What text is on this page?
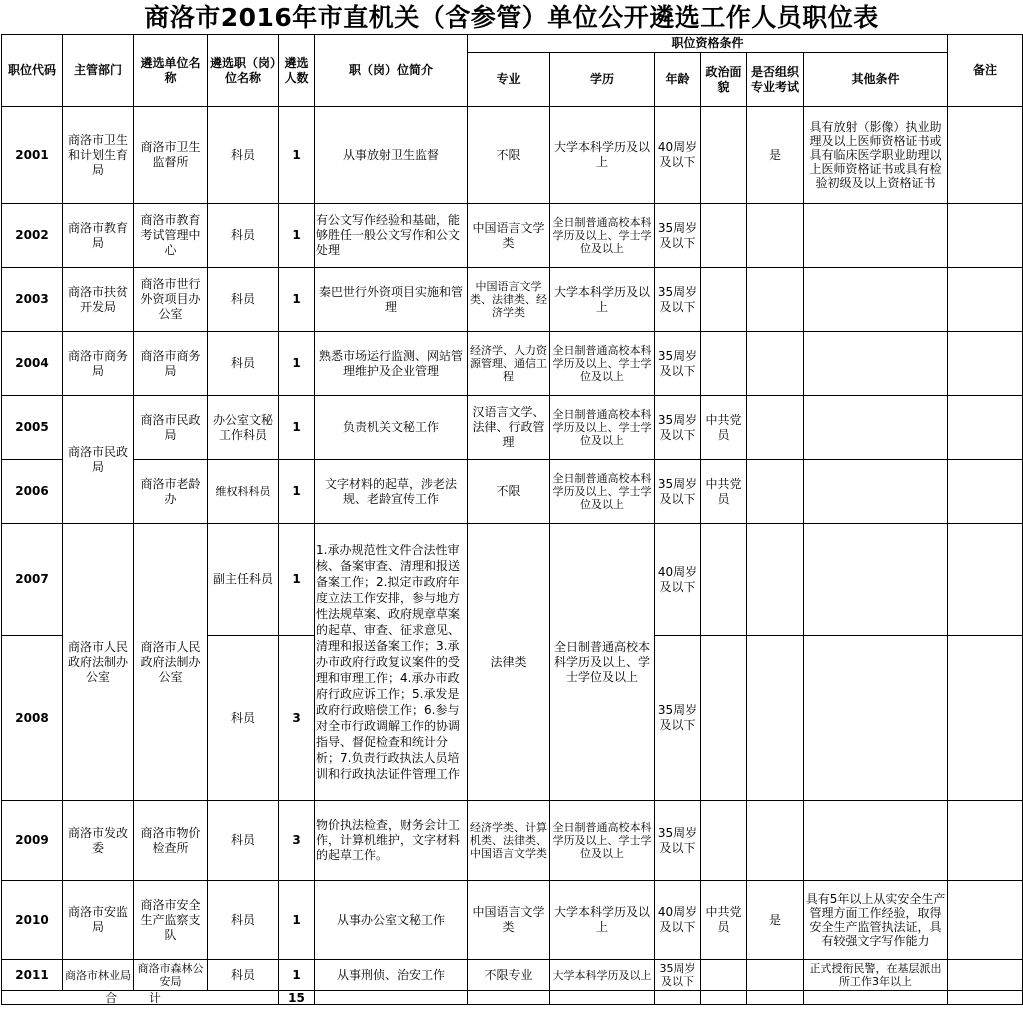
商洛市2016年市直机关（含参管）单位公开遴选工作人员职位表
职位代码	主管部门	遴选单位名称	遴选职（岗）位名称	遴选人数	职（岗）位简介	职位资格条件						备注
						专业	学历	年龄	政治面貌	是否组织专业考试	其他条件	
2001	商洛市卫生和计划生育局	商洛市卫生监督所	科员	1	从事放射卫生监督	不限	大学本科学历及以上	40周岁及以下		是	具有放射（影像）执业助理及以上医师资格证书或具有临床医学职业助理以上医师资格证书或具有检验初级及以上资格证书	
2002	商洛市教育局	商洛市教育考试管理中心	科员	1	有公文写作经验和基础，能够胜任一般公文写作和公文处理	中国语言文学类	全日制普通高校本科学历及以上、学士学位及以上	35周岁及以下				
2003	商洛市扶贫开发局	商洛市世行外资项目办公室	科员	1	秦巴世行外资项目实施和管理	中国语言文学类、法律类、经济学类	大学本科学历及以上	35周岁及以下				
2004	商洛市商务局	商洛市商务局	科员	1	熟悉市场运行监测、网站管理维护及企业管理	经济学、人力资源管理、通信工程	全日制普通高校本科学历及以上、学士学位及以上	35周岁及以下				
2005	商洛市民政局	商洛市民政局	办公室文秘工作科员	1	负责机关文秘工作	汉语言文学、法律、行政管理	全日制普通高校本科学历及以上、学士学位及以上	35周岁及以下	中共党员			
2006		商洛市老龄办	维权科科员	1	文字材料的起草，涉老法规、老龄宣传工作	不限	全日制普通高校本科学历及以上、学士学位及以上	35周岁及以下	中共党员			
2007	商洛市人民政府法制办公室	商洛市人民政府法制办公室	副主任科员	1	1.承办规范性文件合法性审核、备案审查、清理和报送备案工作；2.拟定市政府年度立法工作安排，参与地方性法规草案、政府规章草案的起草、审查、征求意见、清理和报送备案工作；3.承办市政府行政复议案件的受理和审理工作；4.承办市政府行政应诉工作；5.承发是政府行政赔偿工作；6.参与对全市行政调解工作的协调指导、督促检查和统计分析；7.负责行政执法人员培训和行政执法证件管理工作	法律类	全日制普通高校本科学历及以上、学士学位及以上	40周岁及以下				
2008			科员	3				35周岁及以下				
2009	商洛市发改委	商洛市物价检查所	科员	3	物价执法检查，财务会计工作，计算机维护，文字材料的起草工作。	经济学类、计算机类、法律类、中国语言文学类	全日制普通高校本科学历及以上、学士学位及以上	35周岁及以下				
2010	商洛市安监局	商洛市安全生产监察支队	科员	1	从事办公室文秘工作	中国语言文学类	大学本科学历及以上	40周岁及以下	中共党员	是	具有5年以上从实安全生产管理方面工作经验，取得安全生产监管执法证，具有较强文字写作能力	
2011	商洛市林业局	商洛市森林公安局	科员	1	从事刑侦、治安工作	不限专业	大学本科学历及以上	35周岁及以下			正式授衔民警，在基层派出所工作3年以上	
合 计				15								
